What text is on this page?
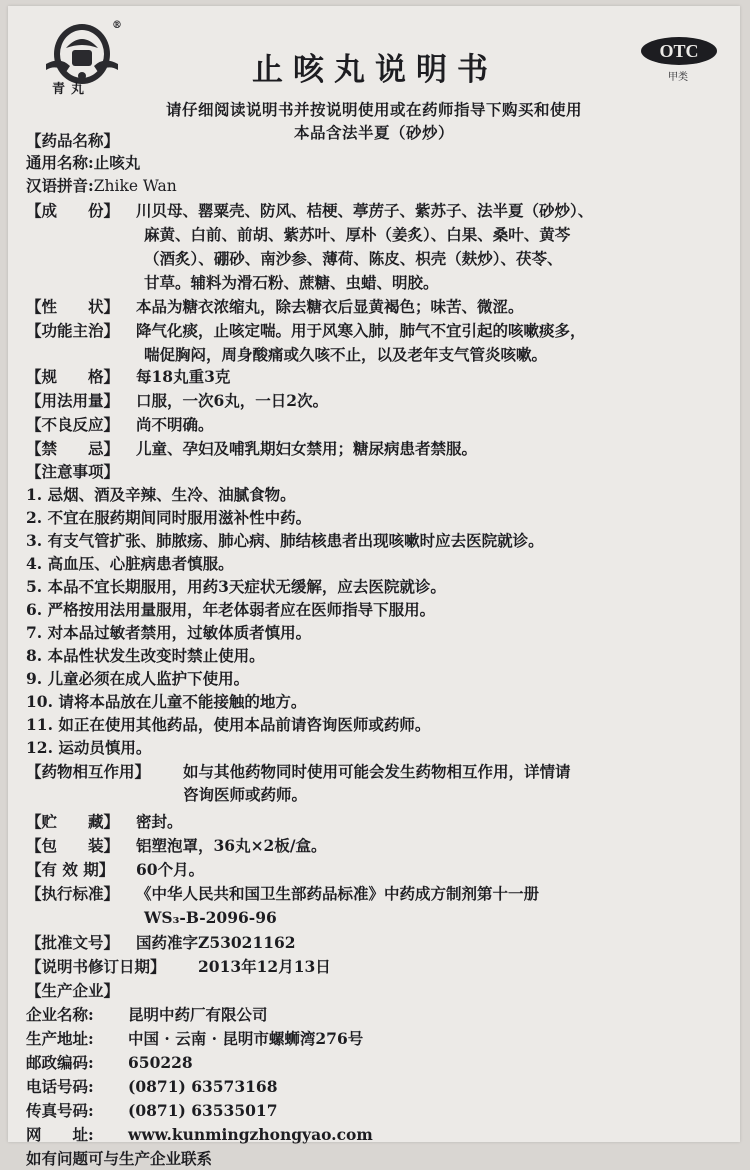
®
青丸
止咳丸说明书
OTC
甲类
请仔细阅读说明书并按说明使用或在药师指导下购买和使用
本品含法半夏（砂炒）
【药品名称】
通用名称: 止咳丸
汉语拼音: Zhike Wan
【成　　份】	川贝母、罂粟壳、防风、桔梗、葶苈子、紫苏子、法半夏（砂炒）、
麻黄、白前、前胡、紫苏叶、厚朴（姜炙）、白果、桑叶、黄芩
（酒炙）、硼砂、南沙参、薄荷、陈皮、枳壳（麸炒）、茯苓、
甘草。辅料为滑石粉、蔗糖、虫蜡、明胶。
【性　　状】	本品为糖衣浓缩丸，除去糖衣后显黄褐色；味苦、微涩。
【功能主治】	降气化痰，止咳定喘。用于风寒入肺，肺气不宜引起的咳嗽痰多，
喘促胸闷，周身酸痛或久咳不止，以及老年支气管炎咳嗽。
【规　　格】	每18丸重3克
【用法用量】	口服，一次6丸，一日2次。
【不良反应】	尚不明确。
【禁　　忌】	儿童、孕妇及哺乳期妇女禁用；糖尿病患者禁服。
【注意事项】
1. 忌烟、酒及辛辣、生冷、油腻食物。
2. 不宜在服药期间同时服用滋补性中药。
3. 有支气管扩张、肺脓疡、肺心病、肺结核患者出现咳嗽时应去医院就诊。
4. 高血压、心脏病患者慎服。
5. 本品不宜长期服用，用药3天症状无缓解，应去医院就诊。
6. 严格按用法用量服用，年老体弱者应在医师指导下服用。
7. 对本品过敏者禁用，过敏体质者慎用。
8. 本品性状发生改变时禁止使用。
9. 儿童必须在成人监护下使用。
10. 请将本品放在儿童不能接触的地方。
11. 如正在使用其他药品，使用本品前请咨询医师或药师。
12. 运动员慎用。
【药物相互作用】	如与其他药物同时使用可能会发生药物相互作用，详情请
咨询医师或药师。
【贮　　藏】	密封。
【包　　装】	铝塑泡罩，36丸×2板/盒。
【有 效 期】	60个月。
【执行标准】	《中华人民共和国卫生部药品标准》中药成方制剂第十一册
WS₃-B-2096-96
【批准文号】	国药准字Z53021162
【说明书修订日期】	2013年12月13日
【生产企业】
企业名称:	昆明中药厂有限公司
生产地址:	中国 · 云南 · 昆明市螺蛳湾276号
邮政编码:	650228
电话号码:	(0871) 63573168
传真号码:	(0871) 63535017
网　　址:	www.kunmingzhongyao.com
如有问题可与生产企业联系
